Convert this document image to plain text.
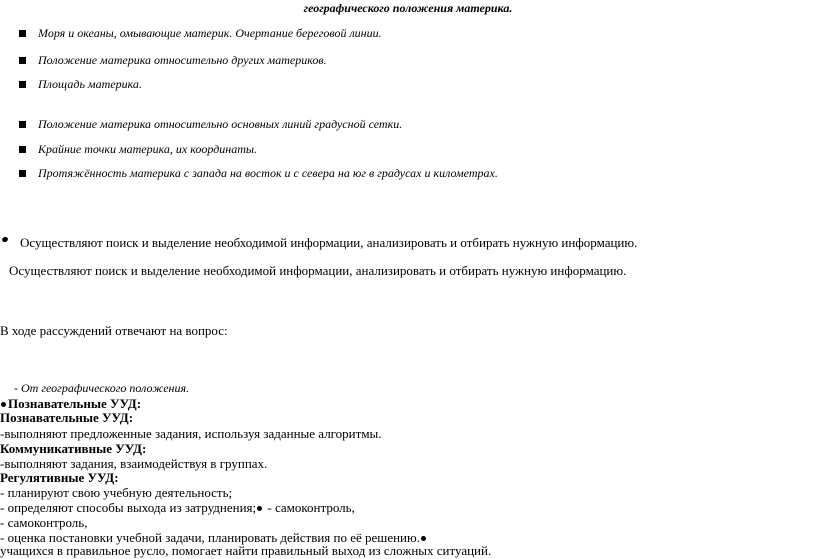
географического положения материка.
Моря и океаны, омывающие материк. Очертание береговой линии.
Положение материка относительно других материков.
Площадь материка.
Положение материка относительно основных линий градусной сетки.
Крайние точки материка, их координаты.
Протяжённость материка с запада на восток и с севера на юг в градусах и километрах.
Осуществляют поиск и выделение необходимой информации, анализировать и отбирать нужную информацию.
Осуществляют поиск и выделение необходимой информации, анализировать и отбирать нужную информацию.
В ходе рассуждений отвечают на вопрос:
- От географического положения.
Познавательные УУД:
Познавательные УУД:
-выполняют предложенные задания, используя заданные алгоритмы.
Коммуникативные УУД:
-выполняют задания, взаимодействуя в группах.
Регулятивные УУД:
- планируют свою учебную деятельность;
- определяют способы выхода из затруднения; - самоконтроль,
- самоконтроль,
- оценка постановки учебной задачи, планировать действия по её решению.
учащихся в правильное русло, помогает найти правильный выход из сложных ситуаций.
